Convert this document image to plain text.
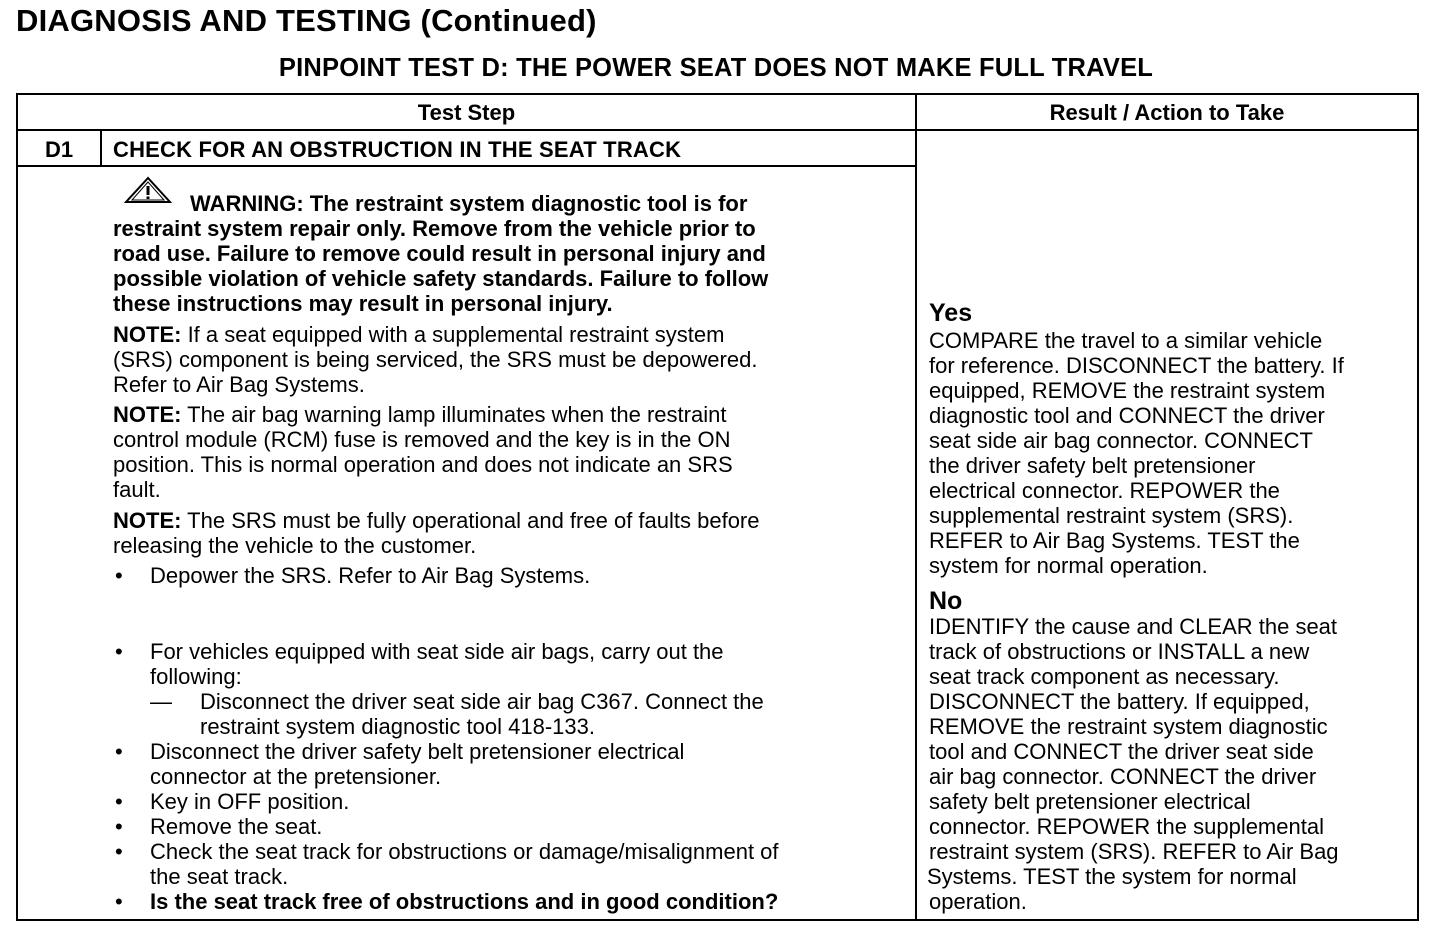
DIAGNOSIS AND TESTING (Continued)
PINPOINT TEST D: THE POWER SEAT DOES NOT MAKE FULL TRAVEL
Test Step	Result / Action to Take
D1	CHECK FOR AN OBSTRUCTION IN THE SEAT TRACK
WARNING: The restraint system diagnostic tool is for
restraint system repair only. Remove from the vehicle prior to
road use. Failure to remove could result in personal injury and
possible violation of vehicle safety standards. Failure to follow
these instructions may result in personal injury.
NOTE: If a seat equipped with a supplemental restraint system
(SRS) component is being serviced, the SRS must be depowered.
Refer to Air Bag Systems.
NOTE: The air bag warning lamp illuminates when the restraint
control module (RCM) fuse is removed and the key is in the ON
position. This is normal operation and does not indicate an SRS
fault.
NOTE: The SRS must be fully operational and free of faults before
releasing the vehicle to the customer.
• Depower the SRS. Refer to Air Bag Systems.
• For vehicles equipped with seat side air bags, carry out the
following:
— Disconnect the driver seat side air bag C367. Connect the
restraint system diagnostic tool 418-133.
• Disconnect the driver safety belt pretensioner electrical
connector at the pretensioner.
• Key in OFF position.
• Remove the seat.
• Check the seat track for obstructions or damage/misalignment of
the seat track.
• Is the seat track free of obstructions and in good condition?
Yes
COMPARE the travel to a similar vehicle
for reference. DISCONNECT the battery. If
equipped, REMOVE the restraint system
diagnostic tool and CONNECT the driver
seat side air bag connector. CONNECT
the driver safety belt pretensioner
electrical connector. REPOWER the
supplemental restraint system (SRS).
REFER to Air Bag Systems. TEST the
system for normal operation.
No
IDENTIFY the cause and CLEAR the seat
track of obstructions or INSTALL a new
seat track component as necessary.
DISCONNECT the battery. If equipped,
REMOVE the restraint system diagnostic
tool and CONNECT the driver seat side
air bag connector. CONNECT the driver
safety belt pretensioner electrical
connector. REPOWER the supplemental
restraint system (SRS). REFER to Air Bag
Systems. TEST the system for normal
operation.
